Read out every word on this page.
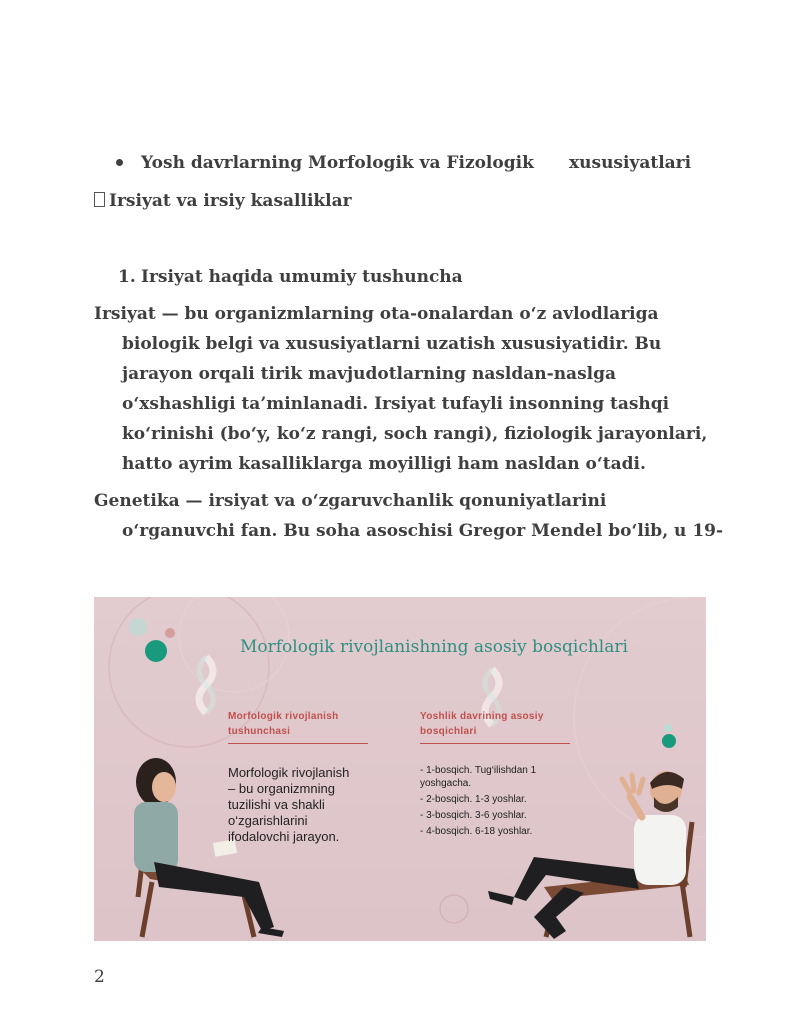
Yosh davrlarning Morfologik va Fizologik xususiyatlari
Irsiyat va irsiy kasalliklar
1. Irsiyat haqida umumiy tushuncha
Irsiyat — bu organizmlarning ota-onalardan o‘z avlodlariga
biologik belgi va xususiyatlarni uzatish xususiyatidir. Bu
jarayon orqali tirik mavjudotlarning nasldan-naslga
o‘xshashligi ta’minlanadi. Irsiyat tufayli insonning tashqi
ko‘rinishi (bo‘y, ko‘z rangi, soch rangi), fiziologik jarayonlari,
hatto ayrim kasalliklarga moyilligi ham nasldan o‘tadi.
Genetika — irsiyat va o‘zgaruvchanlik qonuniyatlarini
o‘rganuvchi fan. Bu soha asoschisi Gregor Mendel bo‘lib, u 19-
Morfologik rivojlanishning asosiy bosqichlari
Morfologik rivojlanish
tushunchasi
Yoshlik davrining asosiy
bosqichlari
Morfologik rivojlanish
– bu organizmning
tuzilishi va shakli
o‘zgarishlarini
ifodalovchi jarayon.
- 1-bosqich. Tug‘ilishdan 1
yoshgacha.
- 2-bosqich. 1-3 yoshlar.
- 3-bosqich. 3-6 yoshlar.
- 4-bosqich. 6-18 yoshlar.
2
